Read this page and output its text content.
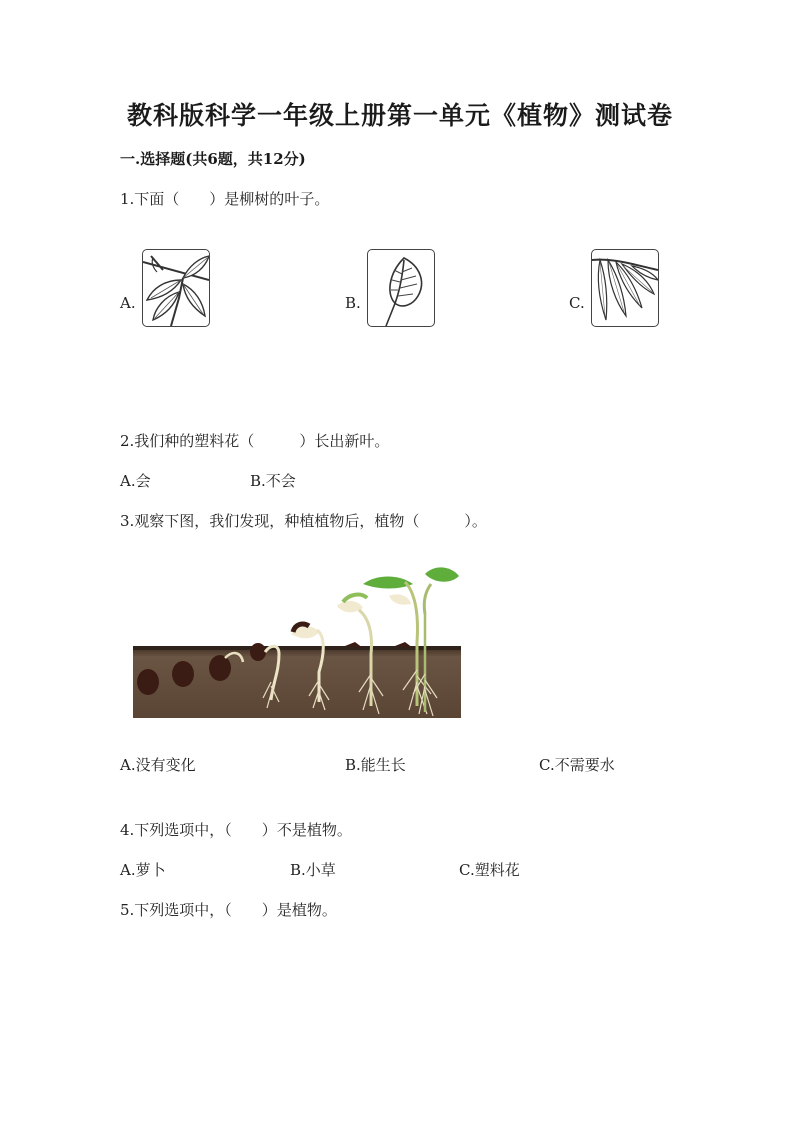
教科版科学一年级上册第一单元《植物》测试卷
一.选择题(共6题，共12分)
1.下面（　　）是柳树的叶子。
A.	B.	C.
2.我们种的塑料花（　　　）长出新叶。
A.会	B.不会
3.观察下图，我们发现，种植植物后，植物（　　　）。
A.没有变化	B.能生长	C.不需要水
4.下列选项中，（　　）不是植物。
A.萝卜	B.小草	C.塑料花
5.下列选项中，（　　）是植物。
